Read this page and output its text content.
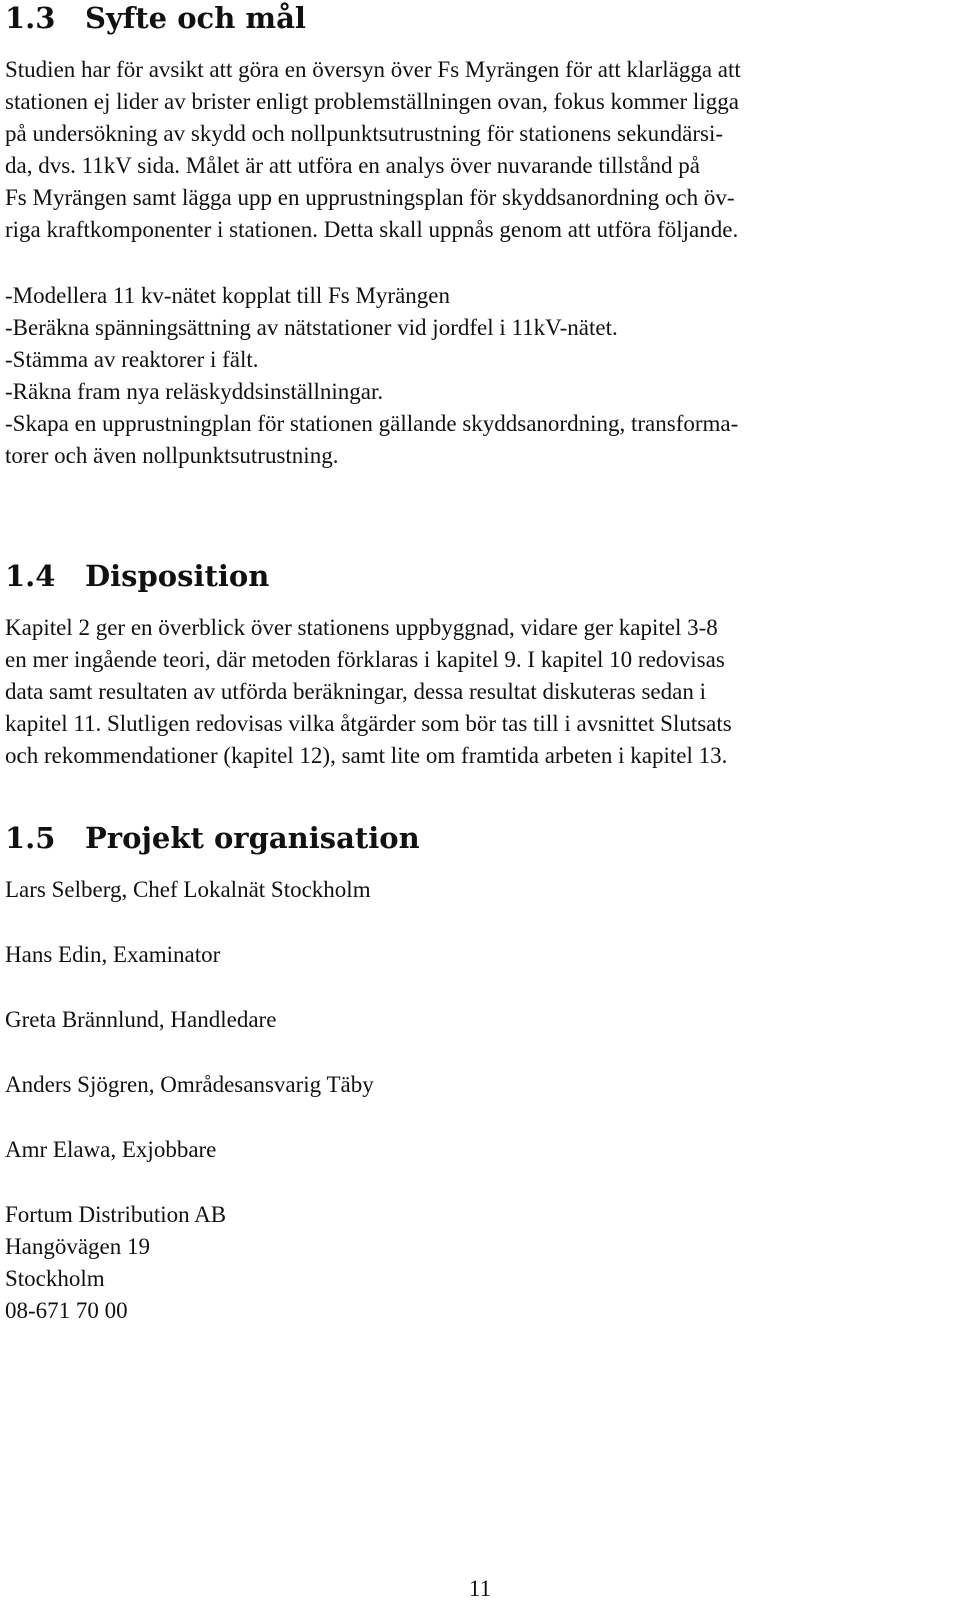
1.3 Syfte och mål
Studien har för avsikt att göra en översyn över Fs Myrängen för att klarlägga att
stationen ej lider av brister enligt problemställningen ovan, fokus kommer ligga
på undersökning av skydd och nollpunktsutrustning för stationens sekundärsi-
da, dvs. 11kV sida. Målet är att utföra en analys över nuvarande tillstånd på
Fs Myrängen samt lägga upp en upprustningsplan för skyddsanordning och öv-
riga kraftkomponenter i stationen. Detta skall uppnås genom att utföra följande.
-Modellera 11 kv-nätet kopplat till Fs Myrängen
-Beräkna spänningsättning av nätstationer vid jordfel i 11kV-nätet.
-Stämma av reaktorer i fält.
-Räkna fram nya reläskyddsinställningar.
-Skapa en upprustningplan för stationen gällande skyddsanordning, transforma-
torer och även nollpunktsutrustning.
1.4 Disposition
Kapitel 2 ger en överblick över stationens uppbyggnad, vidare ger kapitel 3-8
en mer ingående teori, där metoden förklaras i kapitel 9. I kapitel 10 redovisas
data samt resultaten av utförda beräkningar, dessa resultat diskuteras sedan i
kapitel 11. Slutligen redovisas vilka åtgärder som bör tas till i avsnittet Slutsats
och rekommendationer (kapitel 12), samt lite om framtida arbeten i kapitel 13.
1.5 Projekt organisation
Lars Selberg, Chef Lokalnät Stockholm
Hans Edin, Examinator
Greta Brännlund, Handledare
Anders Sjögren, Områdesansvarig Täby
Amr Elawa, Exjobbare
Fortum Distribution AB
Hangövägen 19
Stockholm
08-671 70 00
11
